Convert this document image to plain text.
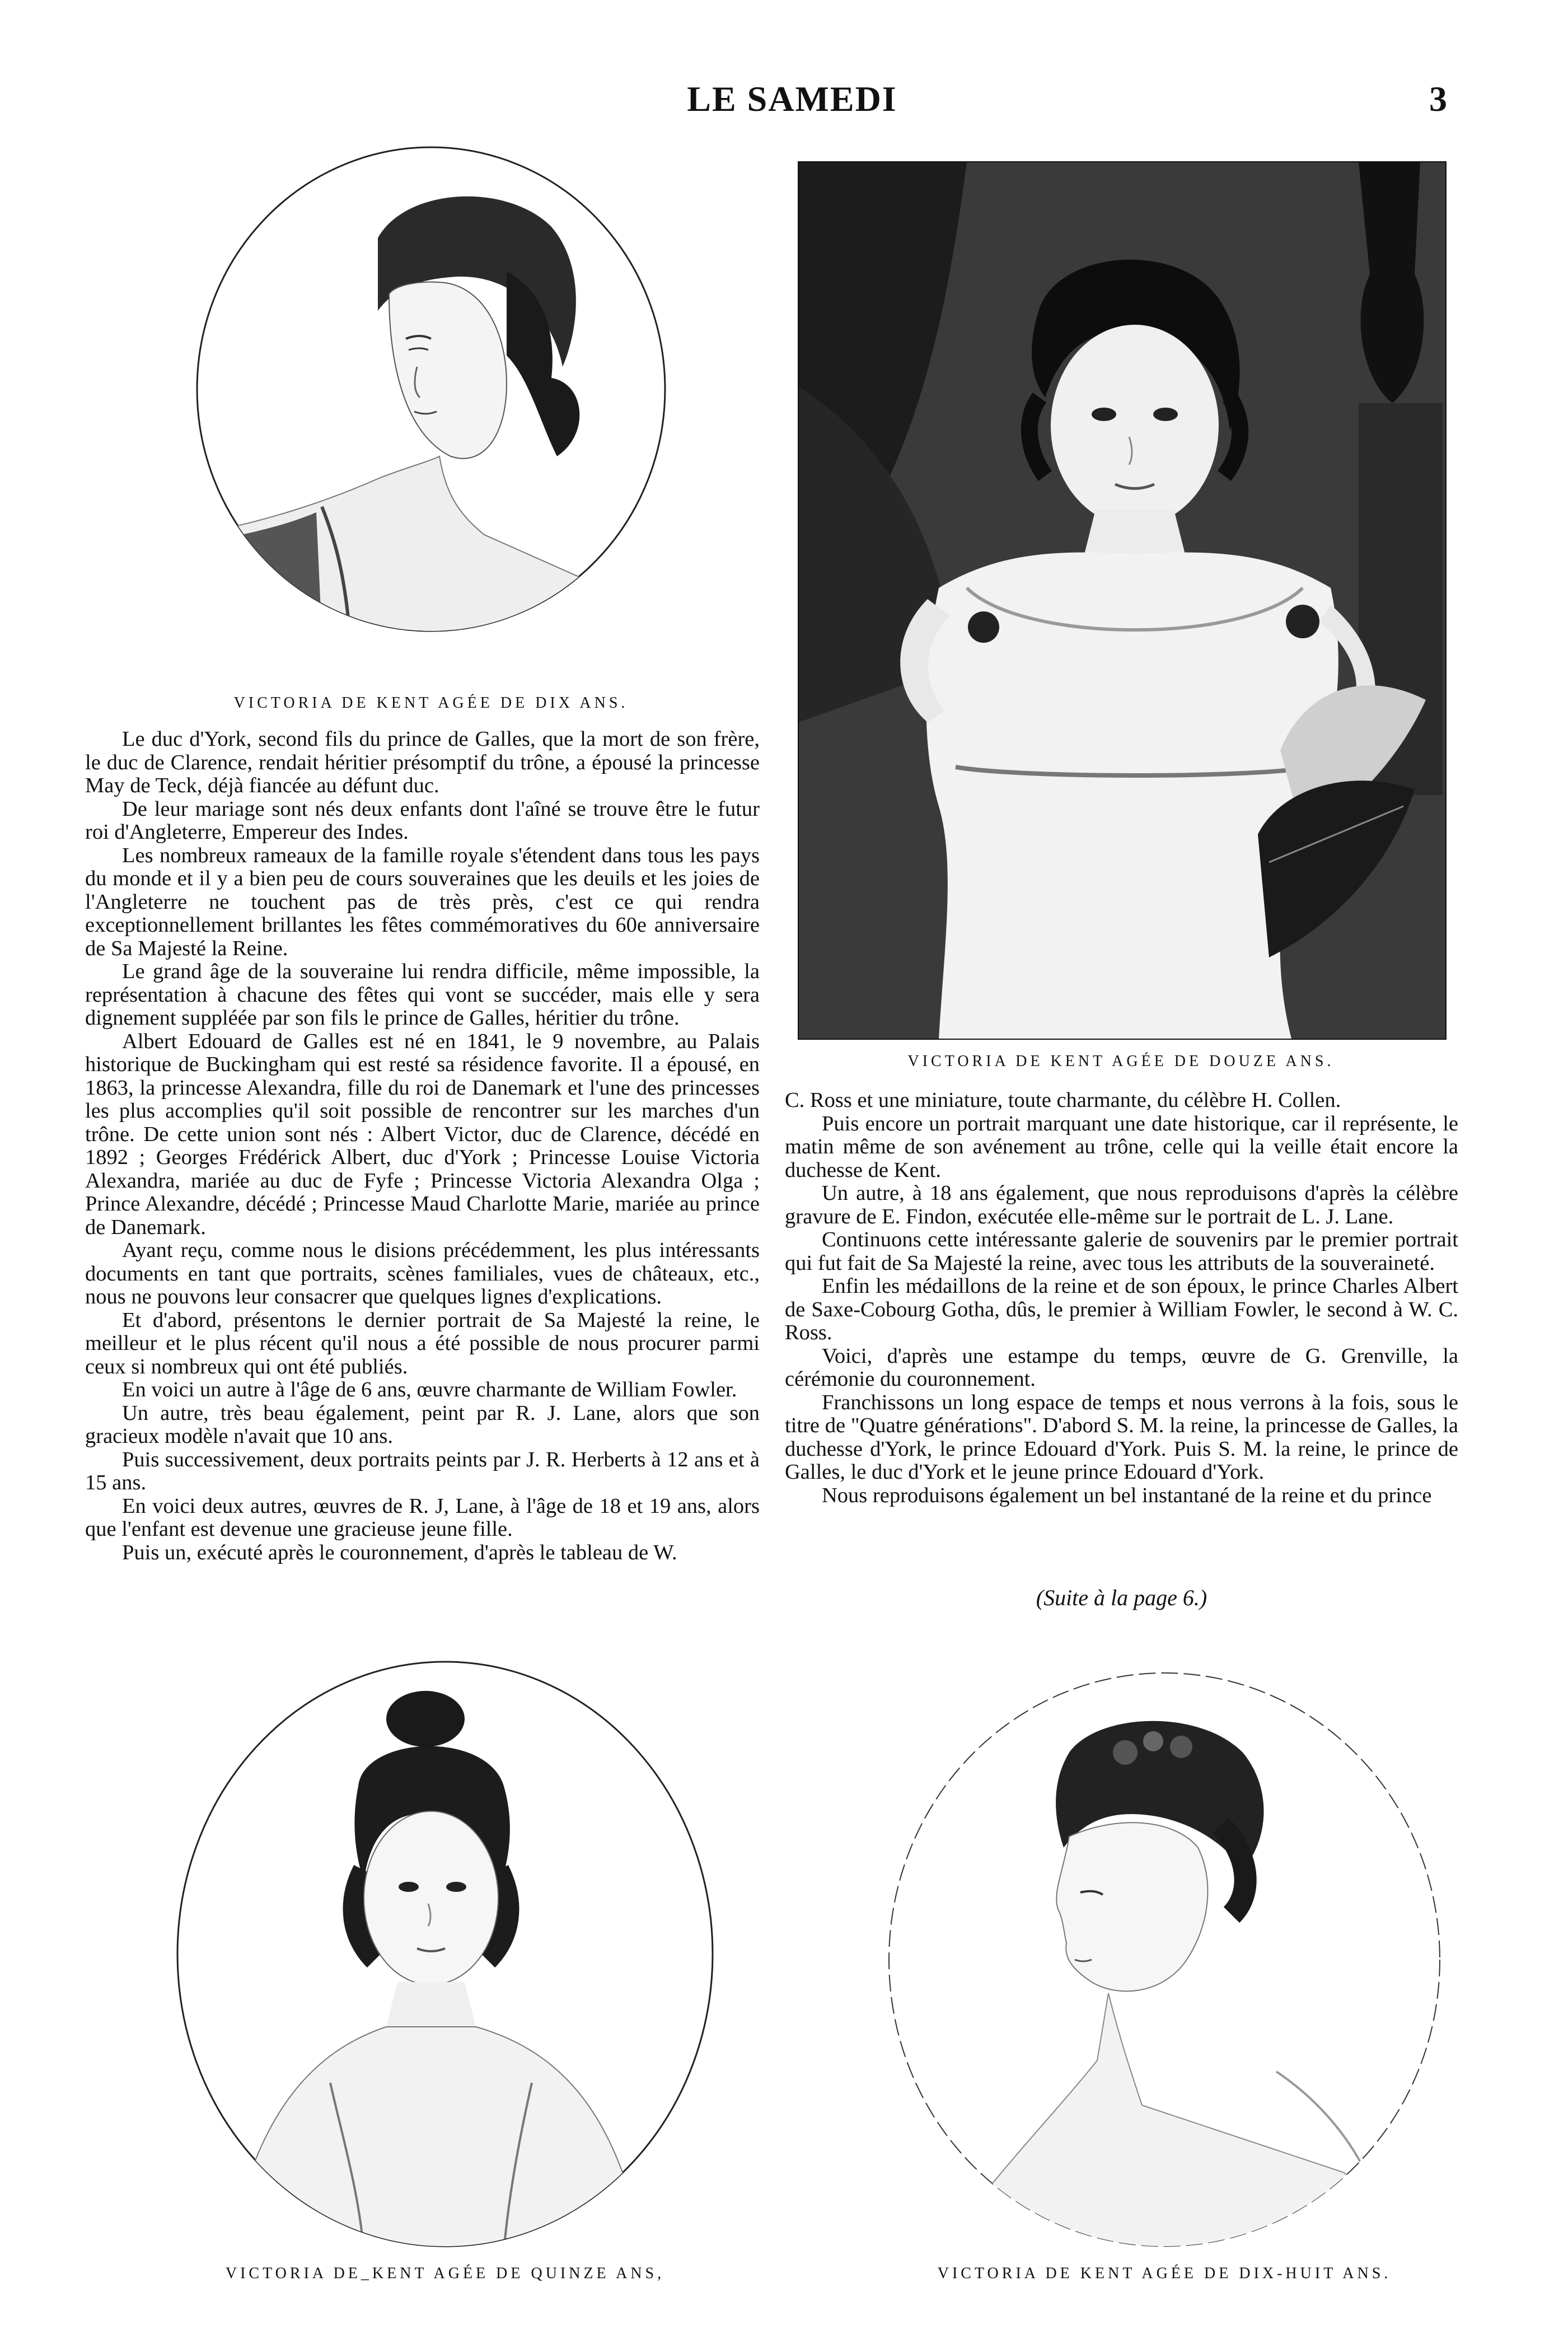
LE SAMEDI	3
VICTORIA DE KENT AGÉE DE DIX ANS.
VICTORIA DE KENT AGÉE DE DOUZE ANS.

Le duc d'York, second fils du prince de Galles, que la mort de son frère, le duc de Clarence, rendait héritier présomptif du trône, a épousé la princesse May de Teck, déjà fiancée au défunt duc.

De leur mariage sont nés deux enfants dont l'aîné se trouve être le futur roi d'Angleterre, Empereur des Indes.

Les nombreux rameaux de la famille royale s'étendent dans tous les pays du monde et il y a bien peu de cours souveraines que les deuils et les joies de l'Angleterre ne touchent pas de très près, c'est ce qui rendra exceptionnellement brillantes les fêtes commémoratives du 60e anniversaire de Sa Majesté la Reine.

Le grand âge de la souveraine lui rendra difficile, même impossible, la représentation à chacune des fêtes qui vont se succéder, mais elle y sera dignement suppléée par son fils le prince de Galles, héritier du trône.

Albert Edouard de Galles est né en 1841, le 9 novembre, au Palais historique de Buckingham qui est resté sa résidence favorite. Il a épousé, en 1863, la princesse Alexandra, fille du roi de Danemark et l'une des princesses les plus accomplies qu'il soit possible de rencontrer sur les marches d'un trône. De cette union sont nés : Albert Victor, duc de Clarence, décédé en 1892 ; Georges Frédérick Albert, duc d'York ; Princesse Louise Victoria Alexandra, mariée au duc de Fyfe ; Princesse Victoria Alexandra Olga ; Prince Alexandre, décédé ; Princesse Maud Charlotte Marie, mariée au prince de Danemark.

Ayant reçu, comme nous le disions précédemment, les plus intéressants documents en tant que portraits, scènes familiales, vues de châteaux, etc., nous ne pouvons leur consacrer que quelques lignes d'explications.

Et d'abord, présentons le dernier portrait de Sa Majesté la reine, le meilleur et le plus récent qu'il nous a été possible de nous procurer parmi ceux si nombreux qui ont été publiés.

En voici un autre à l'âge de 6 ans, œuvre charmante de William Fowler.

Un autre, très beau également, peint par R. J. Lane, alors que son gracieux modèle n'avait que 10 ans.

Puis successivement, deux portraits peints par J. R. Herberts à 12 ans et à 15 ans.

En voici deux autres, œuvres de R. J, Lane, à l'âge de 18 et 19 ans, alors que l'enfant est devenue une gracieuse jeune fille.

Puis un, exécuté après le couronnement, d'après le tableau de W.

C. Ross et une miniature, toute charmante, du célèbre H. Collen.

Puis encore un portrait marquant une date historique, car il représente, le matin même de son avénement au trône, celle qui la veille était encore la duchesse de Kent.

Un autre, à 18 ans également, que nous reproduisons d'après la célèbre gravure de E. Findon, exécutée elle-même sur le portrait de L. J. Lane.

Continuons cette intéressante galerie de souvenirs par le premier portrait qui fut fait de Sa Majesté la reine, avec tous les attributs de la souveraineté.

Enfin les médaillons de la reine et de son époux, le prince Charles Albert de Saxe-Cobourg Gotha, dûs, le premier à William Fowler, le second à W. C. Ross.

Voici, d'après une estampe du temps, œuvre de G. Grenville, la cérémonie du couronnement.

Franchissons un long espace de temps et nous verrons à la fois, sous le titre de "Quatre générations". D'abord S. M. la reine, la princesse de Galles, la duchesse d'York, le prince Edouard d'York. Puis S. M. la reine, le prince de Galles, le duc d'York et le jeune prince Edouard d'York.

Nous reproduisons également un bel instantané de la reine et du prince

(Suite à la page 6.)
VICTORIA DE_KENT AGÉE DE QUINZE ANS,	VICTORIA DE KENT AGÉE DE DIX-HUIT ANS.
